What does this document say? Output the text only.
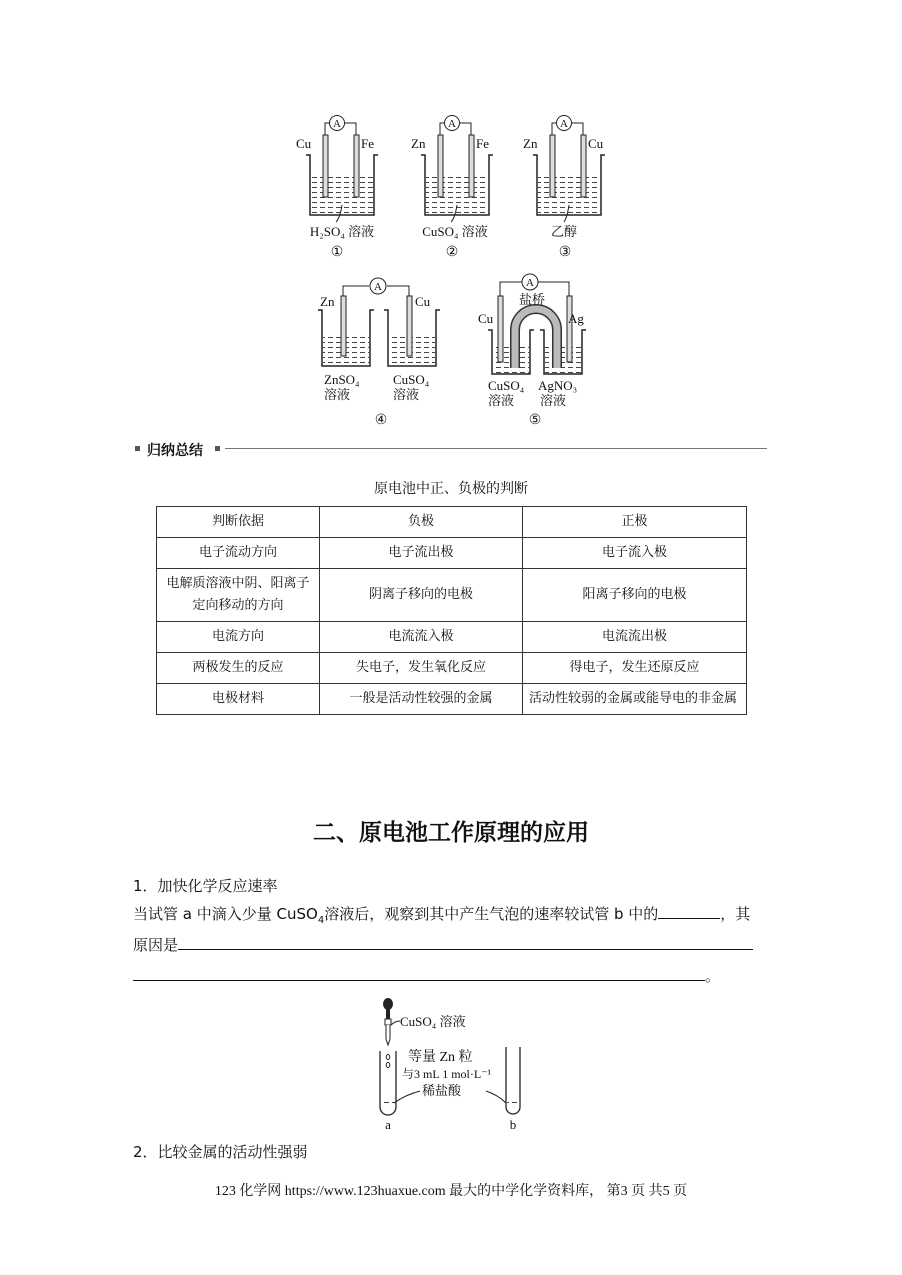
A
Cu	Fe
H₂SO₄ 溶液
①
A
Zn	Fe
CuSO₄ 溶液
②
A
Zn	Cu
乙醇
③
A
Zn	Cu
ZnSO₄
溶液
CuSO₄
溶液
④
A
盐桥
Cu	Ag
CuSO₄
溶液
AgNO₃
溶液
⑤
归纳总结
原电池中正、负极的判断
判断依据	负极	正极
电子流动方向	电子流出极	电子流入极
电解质溶液中阴、阳离子定向移动的方向	阴离子移向的电极	阳离子移向的电极
电流方向	电流流入极	电流流出极
两极发生的反应	失电子，发生氧化反应	得电子，发生还原反应
电极材料	一般是活动性较强的金属	活动性较弱的金属或能导电的非金属
二、原电池工作原理的应用
1．加快化学反应速率
当试管 a 中滴入少量 CuSO$_4$溶液后，观察到其中产生气泡的速率较试管 b 中的	，其
原因是
。
CuSO₄ 溶液
等量 Zn 粒
与3 mL 1 mol·L⁻¹
稀盐酸
a	b
2．比较金属的活动性强弱
123 化学网 https://www.123huaxue.com 最大的中学化学资料库， 第3 页 共5 页
